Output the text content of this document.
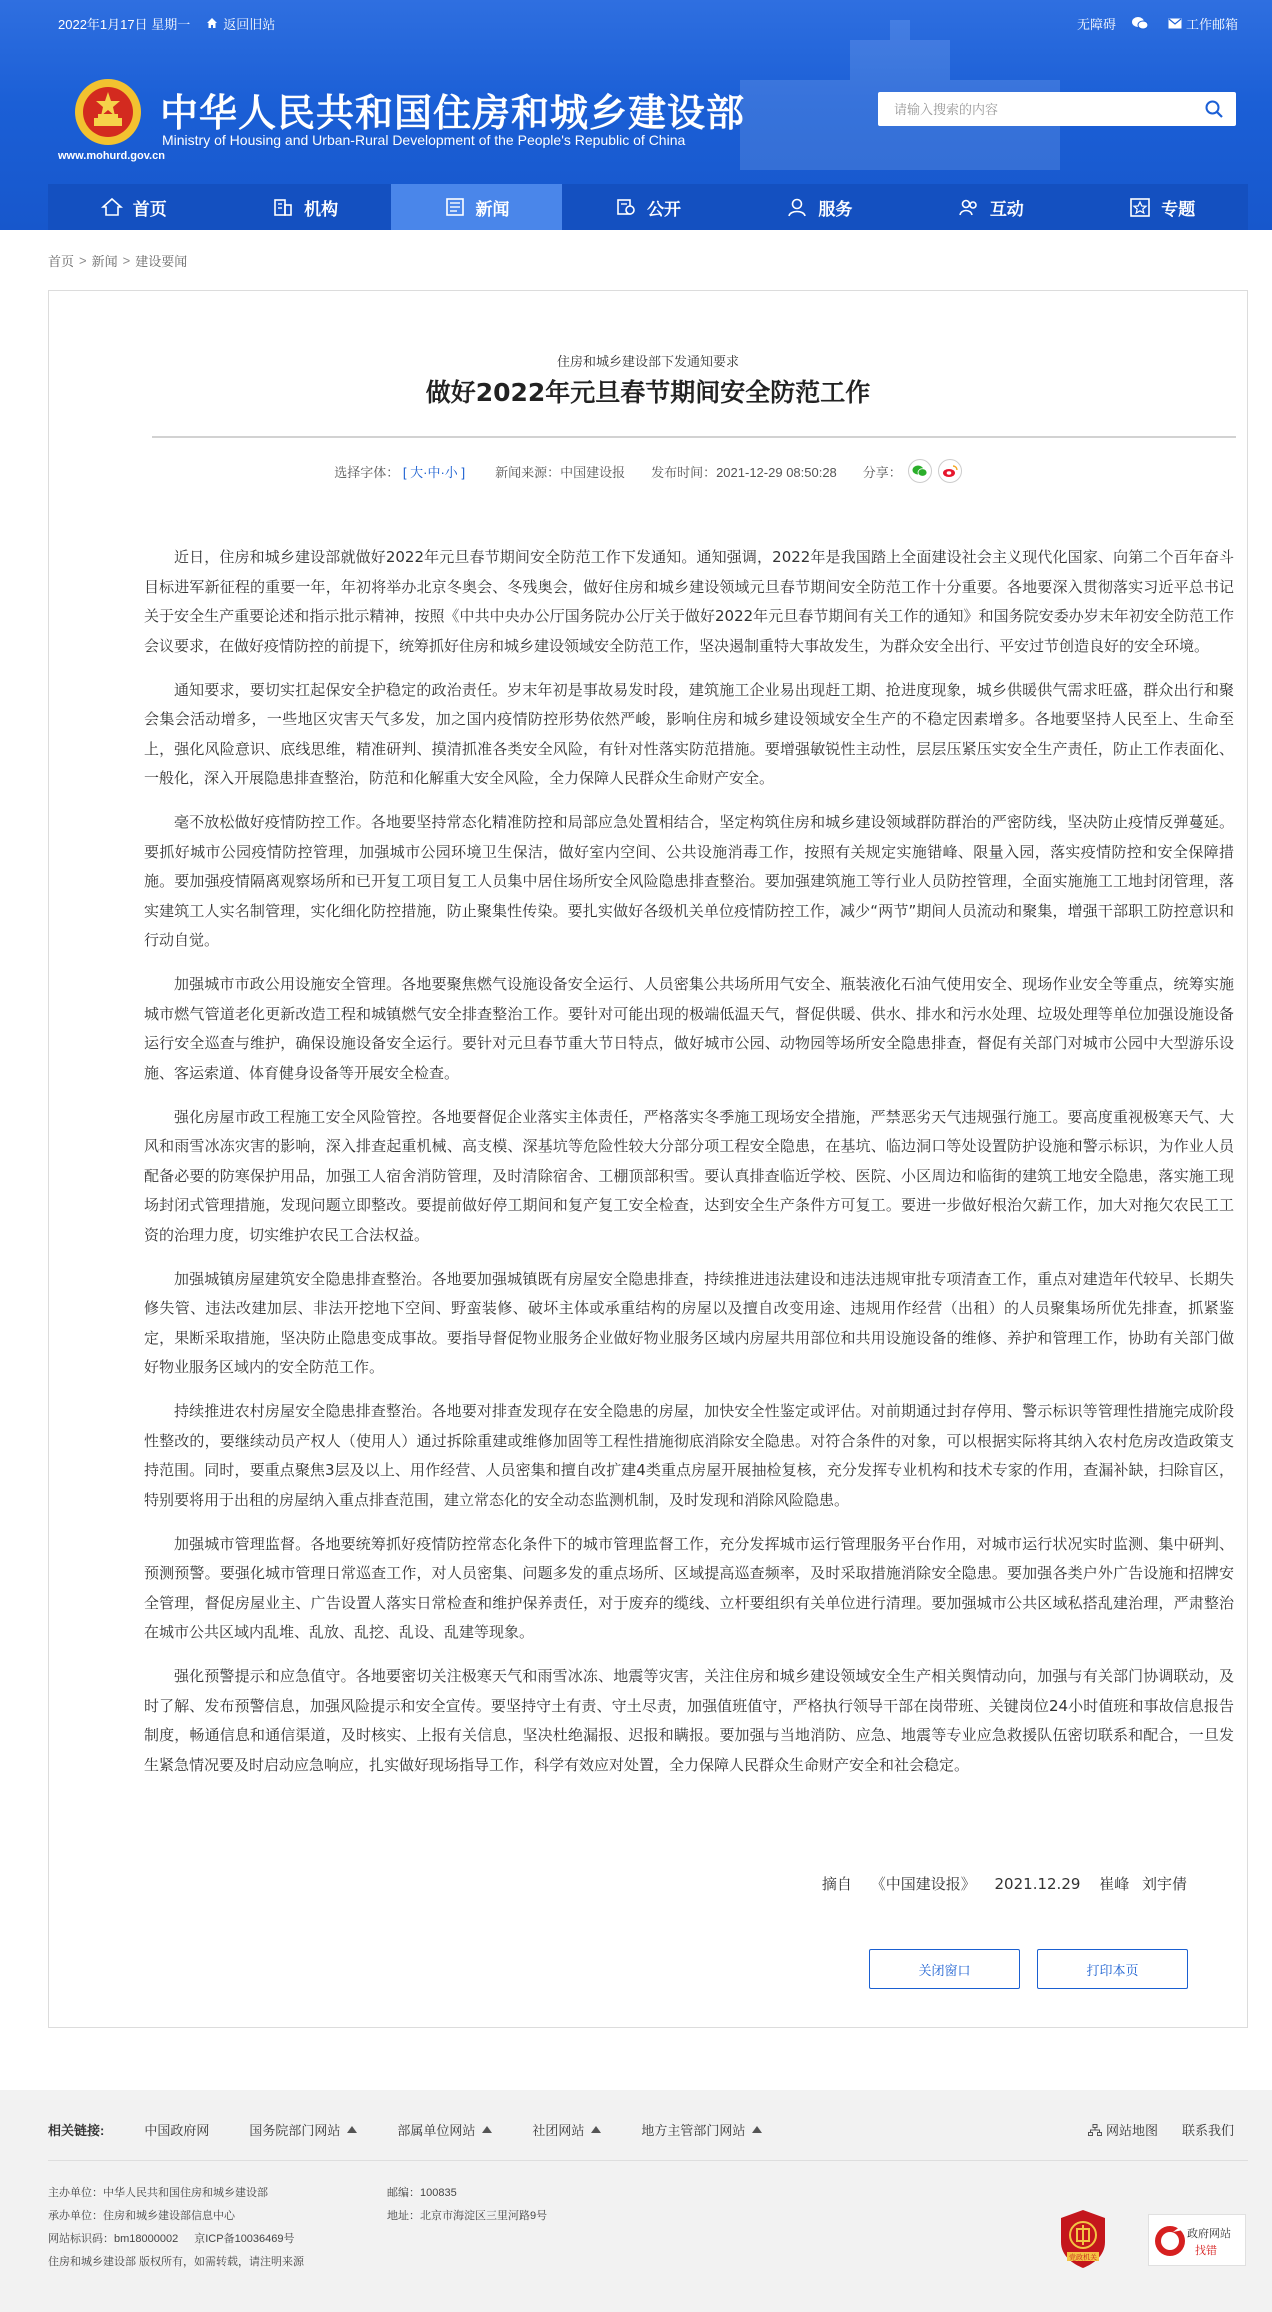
2022年1月17日 星期一	返回旧站	无障碍	工作邮箱
www.mohurd.gov.cn
中华人民共和国住房和城乡建设部
Ministry of Housing and Urban-Rural Development of the People's Republic of China
请输入搜索的内容
首页	机构	新闻	公开	服务	互动	专题
首页 > 新闻 > 建设要闻
住房和城乡建设部下发通知要求
做好2022年元旦春节期间安全防范工作
选择字体： [ 大·中·小 ] 新闻来源：中国建设报 发布时间：2021-12-29 08:50:28 分享：

近日，住房和城乡建设部就做好2022年元旦春节期间安全防范工作下发通知。通知强调，2022年是我国踏上全面建设社会主义现代化国家、向第二个百年奋斗目标进军新征程的重要一年，年初将举办北京冬奥会、冬残奥会，做好住房和城乡建设领域元旦春节期间安全防范工作十分重要。各地要深入贯彻落实习近平总书记关于安全生产重要论述和指示批示精神，按照《中共中央办公厅国务院办公厅关于做好2022年元旦春节期间有关工作的通知》和国务院安委办岁末年初安全防范工作会议要求，在做好疫情防控的前提下，统筹抓好住房和城乡建设领域安全防范工作，坚决遏制重特大事故发生，为群众安全出行、平安过节创造良好的安全环境。

通知要求，要切实扛起保安全护稳定的政治责任。岁末年初是事故易发时段，建筑施工企业易出现赶工期、抢进度现象，城乡供暖供气需求旺盛，群众出行和聚会集会活动增多，一些地区灾害天气多发，加之国内疫情防控形势依然严峻，影响住房和城乡建设领域安全生产的不稳定因素增多。各地要坚持人民至上、生命至上，强化风险意识、底线思维，精准研判、摸清抓准各类安全风险，有针对性落实防范措施。要增强敏锐性主动性，层层压紧压实安全生产责任，防止工作表面化、一般化，深入开展隐患排查整治，防范和化解重大安全风险，全力保障人民群众生命财产安全。

毫不放松做好疫情防控工作。各地要坚持常态化精准防控和局部应急处置相结合，坚定构筑住房和城乡建设领域群防群治的严密防线，坚决防止疫情反弹蔓延。要抓好城市公园疫情防控管理，加强城市公园环境卫生保洁，做好室内空间、公共设施消毒工作，按照有关规定实施错峰、限量入园，落实疫情防控和安全保障措施。要加强疫情隔离观察场所和已开复工项目复工人员集中居住场所安全风险隐患排查整治。要加强建筑施工等行业人员防控管理，全面实施施工工地封闭管理，落实建筑工人实名制管理，实化细化防控措施，防止聚集性传染。要扎实做好各级机关单位疫情防控工作，减少“两节”期间人员流动和聚集，增强干部职工防控意识和行动自觉。

加强城市市政公用设施安全管理。各地要聚焦燃气设施设备安全运行、人员密集公共场所用气安全、瓶装液化石油气使用安全、现场作业安全等重点，统筹实施城市燃气管道老化更新改造工程和城镇燃气安全排查整治工作。要针对可能出现的极端低温天气，督促供暖、供水、排水和污水处理、垃圾处理等单位加强设施设备运行安全巡查与维护，确保设施设备安全运行。要针对元旦春节重大节日特点，做好城市公园、动物园等场所安全隐患排查，督促有关部门对城市公园中大型游乐设施、客运索道、体育健身设备等开展安全检查。

强化房屋市政工程施工安全风险管控。各地要督促企业落实主体责任，严格落实冬季施工现场安全措施，严禁恶劣天气违规强行施工。要高度重视极寒天气、大风和雨雪冰冻灾害的影响，深入排查起重机械、高支模、深基坑等危险性较大分部分项工程安全隐患，在基坑、临边洞口等处设置防护设施和警示标识，为作业人员配备必要的防寒保护用品，加强工人宿舍消防管理，及时清除宿舍、工棚顶部积雪。要认真排查临近学校、医院、小区周边和临街的建筑工地安全隐患，落实施工现场封闭式管理措施，发现问题立即整改。要提前做好停工期间和复产复工安全检查，达到安全生产条件方可复工。要进一步做好根治欠薪工作，加大对拖欠农民工工资的治理力度，切实维护农民工合法权益。

加强城镇房屋建筑安全隐患排查整治。各地要加强城镇既有房屋安全隐患排查，持续推进违法建设和违法违规审批专项清查工作，重点对建造年代较早、长期失修失管、违法改建加层、非法开挖地下空间、野蛮装修、破坏主体或承重结构的房屋以及擅自改变用途、违规用作经营（出租）的人员聚集场所优先排查，抓紧鉴定，果断采取措施，坚决防止隐患变成事故。要指导督促物业服务企业做好物业服务区域内房屋共用部位和共用设施设备的维修、养护和管理工作，协助有关部门做好物业服务区域内的安全防范工作。

持续推进农村房屋安全隐患排查整治。各地要对排查发现存在安全隐患的房屋，加快安全性鉴定或评估。对前期通过封存停用、警示标识等管理性措施完成阶段性整改的，要继续动员产权人（使用人）通过拆除重建或维修加固等工程性措施彻底消除安全隐患。对符合条件的对象，可以根据实际将其纳入农村危房改造政策支持范围。同时，要重点聚焦3层及以上、用作经营、人员密集和擅自改扩建4类重点房屋开展抽检复核，充分发挥专业机构和技术专家的作用，查漏补缺，扫除盲区，特别要将用于出租的房屋纳入重点排查范围，建立常态化的安全动态监测机制，及时发现和消除风险隐患。

加强城市管理监督。各地要统筹抓好疫情防控常态化条件下的城市管理监督工作，充分发挥城市运行管理服务平台作用，对城市运行状况实时监测、集中研判、预测预警。要强化城市管理日常巡查工作，对人员密集、问题多发的重点场所、区域提高巡查频率，及时采取措施消除安全隐患。要加强各类户外广告设施和招牌安全管理，督促房屋业主、广告设置人落实日常检查和维护保养责任，对于废弃的缆线、立杆要组织有关单位进行清理。要加强城市公共区域私搭乱建治理，严肃整治在城市公共区域内乱堆、乱放、乱挖、乱设、乱建等现象。

强化预警提示和应急值守。各地要密切关注极寒天气和雨雪冰冻、地震等灾害，关注住房和城乡建设领域安全生产相关舆情动向，加强与有关部门协调联动，及时了解、发布预警信息，加强风险提示和安全宣传。要坚持守土有责、守土尽责，加强值班值守，严格执行领导干部在岗带班、关键岗位24小时值班和事故信息报告制度，畅通信息和通信渠道，及时核实、上报有关信息，坚决杜绝漏报、迟报和瞒报。要加强与当地消防、应急、地震等专业应急救援队伍密切联系和配合，一旦发生紧急情况要及时启动应急响应，扎实做好现场指导工作，科学有效应对处置，全力保障人民群众生命财产安全和社会稳定。

摘自 《中国建设报》 2021.12.29 崔峰 刘宇倩
关闭窗口	打印本页
相关链接:	中国政府网	国务院部门网站	部属单位网站	社团网站	地方主管部门网站	网站地图 联系我们
主办单位：中华人民共和国住房和城乡建设部
承办单位：住房和城乡建设部信息中心
网站标识码：bm18000002 京ICP备10036469号
住房和城乡建设部 版权所有，如需转载，请注明来源
邮编：100835
地址：北京市海淀区三里河路9号
党政机关
政府网站
找错
